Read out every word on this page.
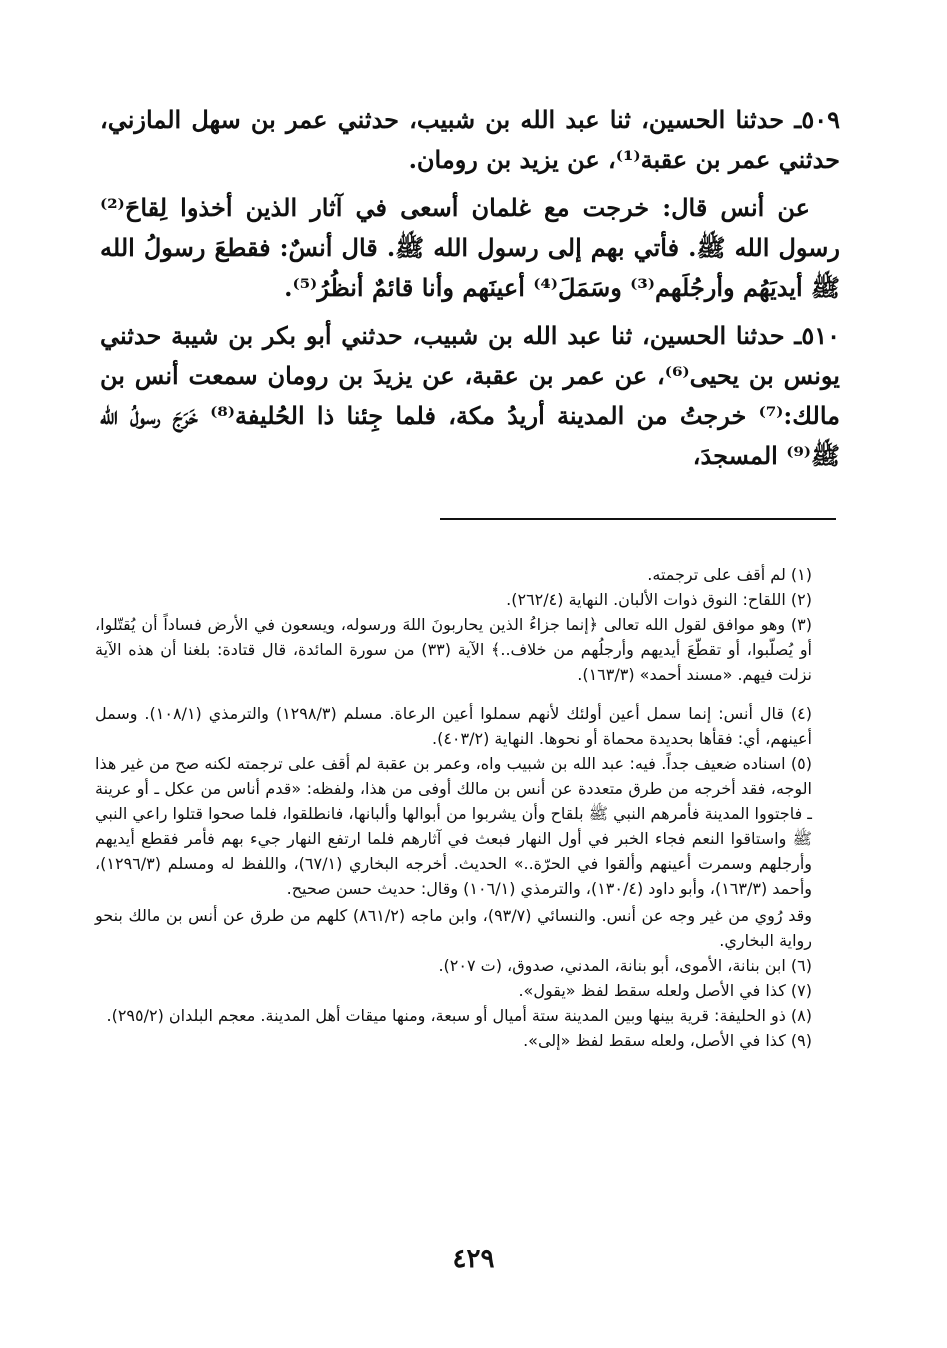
٥٠٩ـ حدثنا الحسين، ثنا عبد الله بن شبيب، حدثني عمر بن سهل المازني، حدثني عمر بن عقبة⁽¹⁾، عن يزيد بن رومان.

عن أنس قال: خرجت مع غلمان أسعى في آثار الذين أخذوا لِقاحَ⁽²⁾ رسول الله ﷺ. فأتي بهم إلى رسول الله ﷺ. قال أنسٌ: فقطعَ رسولُ الله ﷺ أيديَهُم وأرجُلَهم⁽³⁾ وسَمَلَ⁽⁴⁾ أعينَهم وأنا قائمٌ أنظُرُ⁽⁵⁾.

٥١٠ـ حدثنا الحسين، ثنا عبد الله بن شبيب، حدثني أبو بكر بن شيبة حدثني يونس بن يحيى⁽⁶⁾، عن عمر بن عقبة، عن يزيدَ بن رومان سمعت أنس بن مالك:⁽⁷⁾ خرجتُ من المدينة أريدُ مكة، فلما جِئنا ذا الحُليفة⁽⁸⁾ خَرَجَ رسولُ الله ﷺ⁽⁹⁾ المسجدَ،

(١) لم أقف على ترجمته.

(٢) اللقاح: النوق ذوات الألبان. النهاية (٢٦٢/٤).

(٣) وهو موافق لقول الله تعالى ﴿إنما جزاءُ الذين يحاربونَ اللهَ ورسوله، ويسعون في الأرض فساداً أن يُقتّلوا، أو يُصلّبوا، أو تقطّعَ أيديهم وأرجلُهم من خلاف..﴾ الآية (٣٣) من سورة المائدة، قال قتادة: بلغنا أن هذه الآية نزلت فيهم. «مسند أحمد» (١٦٣/٣).

(٤) قال أنس: إنما سمل أعين أولئك لأنهم سملوا أعين الرعاة. مسلم (١٢٩٨/٣) والترمذي (١٠٨/١). وسمل أعينهم، أي: فقأها بحديدة محماة أو نحوها. النهاية (٤٠٣/٢).

(٥) اسناده ضعيف جداً. فيه: عبد الله بن شبيب واه، وعمر بن عقبة لم أقف على ترجمته لكنه صح من غير هذا الوجه، فقد أخرجه من طرق متعددة عن أنس بن مالك أوفى من هذا، ولفظه: «قدم أناس من عكل ـ أو عرينة ـ فاجتووا المدينة فأمرهم النبي ﷺ بلقاح وأن يشربوا من أبوالها وألبانها، فانطلقوا، فلما صحوا قتلوا راعي النبي ﷺ واستاقوا النعم فجاء الخبر في أول النهار فبعث في آثارهم فلما ارتفع النهار جيء بهم فأمر فقطع أيديهم وأرجلهم وسمرت أعينهم وألقوا في الحرّة..» الحديث. أخرجه البخاري (٦٧/١)، واللفظ له ومسلم (١٢٩٦/٣)، وأحمد (١٦٣/٣)، وأبو داود (١٣٠/٤)، والترمذي (١٠٦/١) وقال: حديث حسن صحيح.

وقد رُوي من غير وجه عن أنس. والنسائي (٩٣/٧)، وابن ماجه (٨٦١/٢) كلهم من طرق عن أنس بن مالك بنحو رواية البخاري.

(٦) ابن بنانة، الأموى، أبو بنانة، المدني، صدوق، (ت ٢٠٧).

(٧) كذا في الأصل ولعله سقط لفظ «يقول».

(٨) ذو الحليفة: قرية بينها وبين المدينة ستة أميال أو سبعة، ومنها ميقات أهل المدينة. معجم البلدان (٢٩٥/٢).

(٩) كذا في الأصل، ولعله سقط لفظ «إلى».

٤٢٩
